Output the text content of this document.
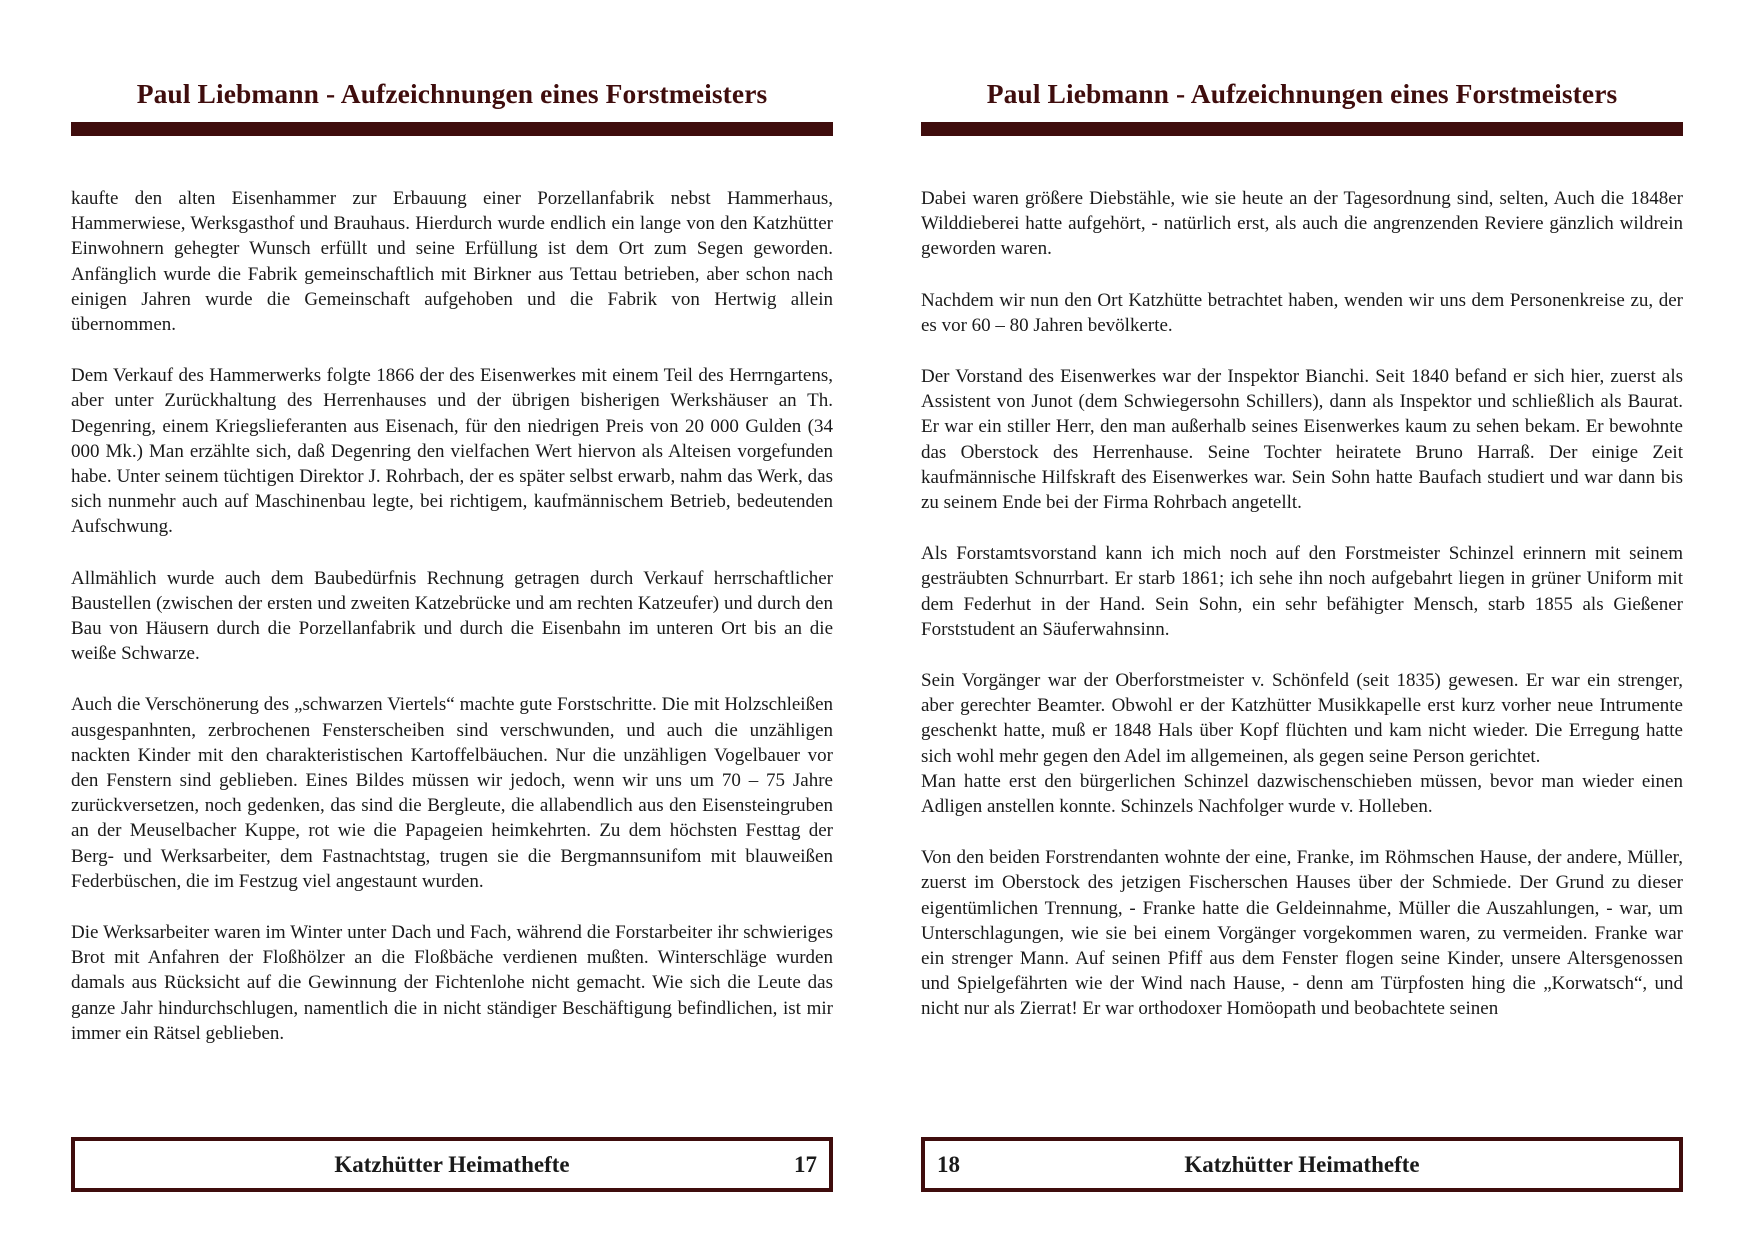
Paul Liebmann - Aufzeichnungen eines Forstmeisters

kaufte den alten Eisenhammer zur Erbauung einer Porzellanfabrik nebst Hammerhaus, Hammerwiese, Werksgasthof und Brauhaus. Hierdurch wurde endlich ein lange von den Katzhütter Einwohnern gehegter Wunsch erfüllt und seine Erfüllung ist dem Ort zum Segen geworden. Anfänglich wurde die Fabrik gemeinschaftlich mit Birkner aus Tettau betrieben, aber schon nach einigen Jahren wurde die Gemeinschaft aufgehoben und die Fabrik von Hertwig allein übernommen.

Dem Verkauf des Hammerwerks folgte 1866 der des Eisenwerkes mit einem Teil des Herrngartens, aber unter Zurückhaltung des Herrenhauses und der übrigen bisherigen Werkshäuser an Th. Degenring, einem Kriegslieferanten aus Eisenach, für den niedrigen Preis von 20 000 Gulden (34 000 Mk.) Man erzählte sich, daß Degenring den vielfachen Wert hiervon als Alteisen vorgefunden habe. Unter seinem tüchtigen Direktor J. Rohrbach, der es später selbst erwarb, nahm das Werk, das sich nunmehr auch auf Maschinenbau legte, bei richtigem, kaufmännischem Betrieb, bedeutenden Aufschwung.

Allmählich wurde auch dem Baubedürfnis Rechnung getragen durch Verkauf herrschaftlicher Baustellen (zwischen der ersten und zweiten Katzebrücke und am rechten Katzeufer) und durch den Bau von Häusern durch die Porzellanfabrik und durch die Eisenbahn im unteren Ort bis an die weiße Schwarze.

Auch die Verschönerung des „schwarzen Viertels“ machte gute Forstschritte. Die mit Holzschleißen ausgespanhnten, zerbrochenen Fensterscheiben sind verschwunden, und auch die unzähligen nackten Kinder mit den charakteristischen Kartoffelbäuchen. Nur die unzähligen Vogelbauer vor den Fenstern sind geblieben. Eines Bildes müssen wir jedoch, wenn wir uns um 70 – 75 Jahre zurückversetzen, noch gedenken, das sind die Bergleute, die allabendlich aus den Eisensteingruben an der Meuselbacher Kuppe, rot wie die Papageien heimkehrten. Zu dem höchsten Festtag der Berg- und Werksarbeiter, dem Fastnachtstag, trugen sie die Bergmannsunifom mit blauweißen Federbüschen, die im Festzug viel angestaunt wurden.

Die Werksarbeiter waren im Winter unter Dach und Fach, während die Forstarbeiter ihr schwieriges Brot mit Anfahren der Floßhölzer an die Floßbäche verdienen mußten. Winterschläge wurden damals aus Rücksicht auf die Gewinnung der Fichtenlohe nicht gemacht. Wie sich die Leute das ganze Jahr hindurchschlugen, namentlich die in nicht ständiger Beschäftigung befindlichen, ist mir immer ein Rätsel geblieben.

Katzhütter Heimathefte	17
Paul Liebmann - Aufzeichnungen eines Forstmeisters

Dabei waren größere Diebstähle, wie sie heute an der Tagesordnung sind, selten, Auch die 1848er Wilddieberei hatte aufgehört, - natürlich erst, als auch die angrenzenden Reviere gänzlich wildrein geworden waren.

Nachdem wir nun den Ort Katzhütte betrachtet haben, wenden wir uns dem Personenkreise zu, der es vor 60 – 80 Jahren bevölkerte.

Der Vorstand des Eisenwerkes war der Inspektor Bianchi. Seit 1840 befand er sich hier, zuerst als Assistent von Junot (dem Schwiegersohn Schillers), dann als Inspektor und schließlich als Baurat. Er war ein stiller Herr, den man außerhalb seines Eisenwerkes kaum zu sehen bekam. Er bewohnte das Oberstock des Herrenhause. Seine Tochter heiratete Bruno Harraß. Der einige Zeit kaufmännische Hilfskraft des Eisenwerkes war. Sein Sohn hatte Baufach studiert und war dann bis zu seinem Ende bei der Firma Rohrbach angetellt.

Als Forstamtsvorstand kann ich mich noch auf den Forstmeister Schinzel erinnern mit seinem gesträubten Schnurrbart. Er starb 1861; ich sehe ihn noch aufgebahrt liegen in grüner Uniform mit dem Federhut in der Hand. Sein Sohn, ein sehr befähigter Mensch, starb 1855 als Gießener Forststudent an Säuferwahnsinn.

Sein Vorgänger war der Oberforstmeister v. Schönfeld (seit 1835) gewesen. Er war ein strenger, aber gerechter Beamter. Obwohl er der Katzhütter Musikkapelle erst kurz vorher neue Intrumente geschenkt hatte, muß er 1848 Hals über Kopf flüchten und kam nicht wieder. Die Erregung hatte sich wohl mehr gegen den Adel im allgemeinen, als gegen seine Person gerichtet.

Man hatte erst den bürgerlichen Schinzel dazwischenschieben müssen, bevor man wieder einen Adligen anstellen konnte. Schinzels Nachfolger wurde v. Holleben.

Von den beiden Forstrendanten wohnte der eine, Franke, im Röhmschen Hause, der andere, Müller, zuerst im Oberstock des jetzigen Fischerschen Hauses über der Schmiede. Der Grund zu dieser eigentümlichen Trennung, - Franke hatte die Geldeinnahme, Müller die Auszahlungen, - war, um Unterschlagungen, wie sie bei einem Vorgänger vorgekommen waren, zu vermeiden. Franke war ein strenger Mann. Auf seinen Pfiff aus dem Fenster flogen seine Kinder, unsere Altersgenossen und Spielgefährten wie der Wind nach Hause, - denn am Türpfosten hing die „Korwatsch“, und nicht nur als Zierrat! Er war orthodoxer Homöopath und beobachtete seinen

Katzhütter Heimathefte
18
